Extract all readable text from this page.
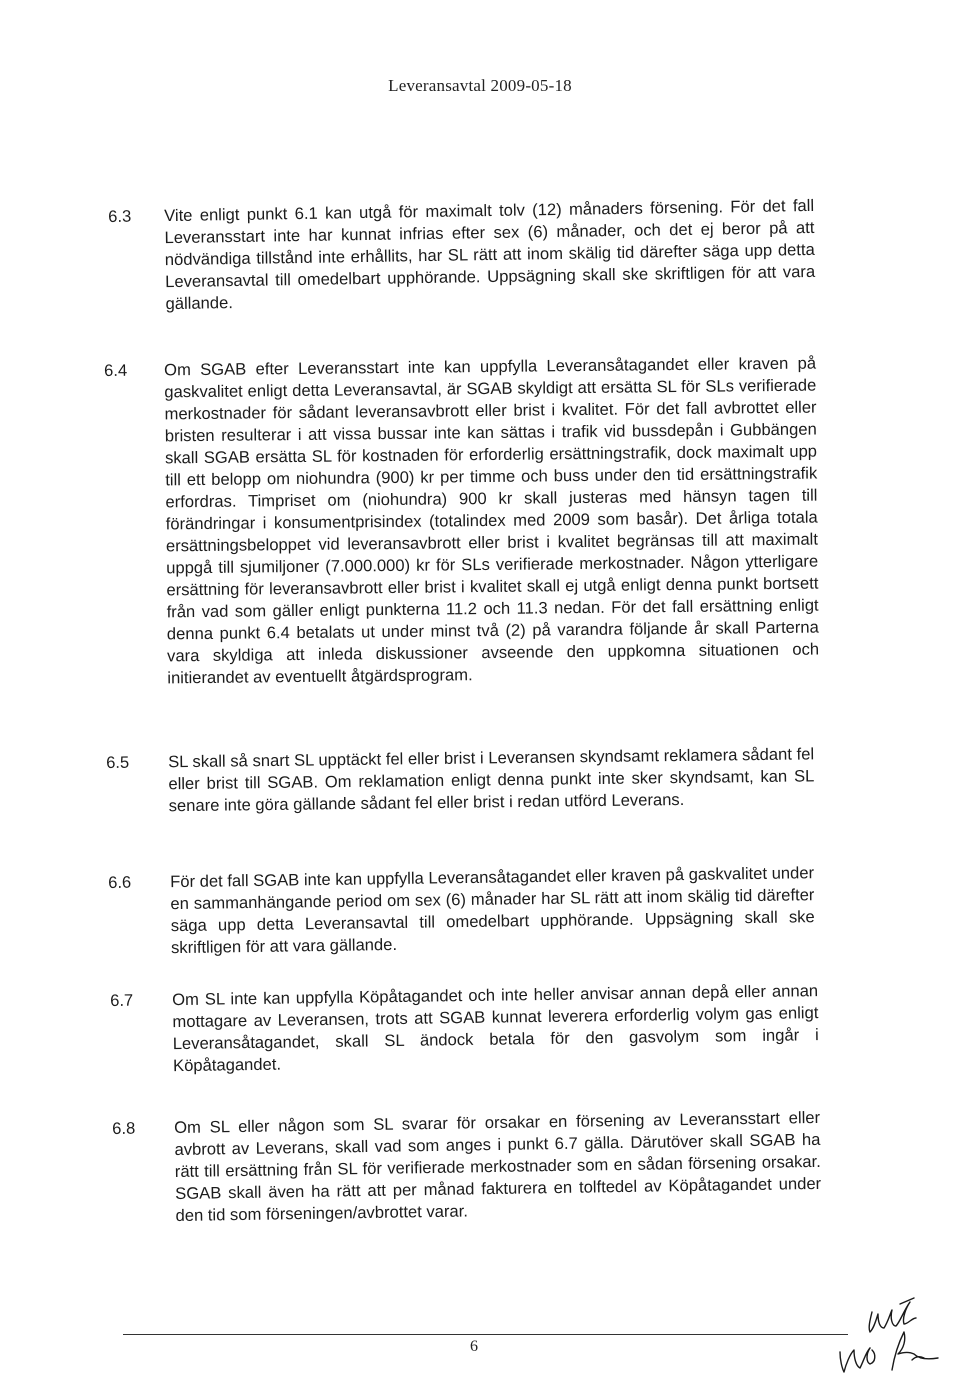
Leveransavtal 2009-05-18
6.3	Vite enligt punkt 6.1 kan utgå för maximalt tolv (12) månaders försening. För det fall Leveransstart inte har kunnat infrias efter sex (6) månader, och det ej beror på att nödvändiga tillstånd inte erhållits, har SL rätt att inom skälig tid därefter säga upp detta Leveransavtal till omedelbart upphörande. Uppsägning skall ske skriftligen för att vara gällande.
6.4	Om SGAB efter Leveransstart inte kan uppfylla Leveransåtagandet eller kraven på gaskvalitet enligt detta Leveransavtal, är SGAB skyldigt att ersätta SL för SLs verifierade merkostnader för sådant leveransavbrott eller brist i kvalitet. För det fall avbrottet eller bristen resulterar i att vissa bussar inte kan sättas i trafik vid bussdepån i Gubbängen skall SGAB ersätta SL för kostnaden för erforderlig ersättningstrafik, dock maximalt upp till ett belopp om niohundra (900) kr per timme och buss under den tid ersättningstrafik erfordras. Timpriset om (niohundra) 900 kr skall justeras med hänsyn tagen till förändringar i konsumentprisindex (totalindex med 2009 som basår). Det årliga totala ersättningsbeloppet vid leveransavbrott eller brist i kvalitet begränsas till att maximalt uppgå till sjumiljoner (7.000.000) kr för SLs verifierade merkostnader. Någon ytterligare ersättning för leveransavbrott eller brist i kvalitet skall ej utgå enligt denna punkt bortsett från vad som gäller enligt punkterna 11.2 och 11.3 nedan. För det fall ersättning enligt denna punkt 6.4 betalats ut under minst två (2) på varandra följande år skall Parterna vara skyldiga att inleda diskussioner avseende den uppkomna situationen och initierandet av eventuellt åtgärdsprogram.
6.5	SL skall så snart SL upptäckt fel eller brist i Leveransen skyndsamt reklamera sådant fel eller brist till SGAB. Om reklamation enligt denna punkt inte sker skyndsamt, kan SL senare inte göra gällande sådant fel eller brist i redan utförd Leverans.
6.6	För det fall SGAB inte kan uppfylla Leveransåtagandet eller kraven på gaskvalitet under en sammanhängande period om sex (6) månader har SL rätt att inom skälig tid därefter säga upp detta Leveransavtal till omedelbart upphörande. Uppsägning skall ske skriftligen för att vara gällande.
6.7	Om SL inte kan uppfylla Köpåtagandet och inte heller anvisar annan depå eller annan mottagare av Leveransen, trots att SGAB kunnat leverera erforderlig volym gas enligt Leveransåtagandet, skall SL ändock betala för den gasvolym som ingår i Köpåtagandet.
6.8	Om SL eller någon som SL svarar för orsakar en försening av Leveransstart eller avbrott av Leverans, skall vad som anges i punkt 6.7 gälla. Därutöver skall SGAB ha rätt till ersättning från SL för verifierade merkostnader som en sådan försening orsakar. SGAB skall även ha rätt att per månad fakturera en tolftedel av Köpåtagandet under den tid som förseningen/avbrottet varar.
6
